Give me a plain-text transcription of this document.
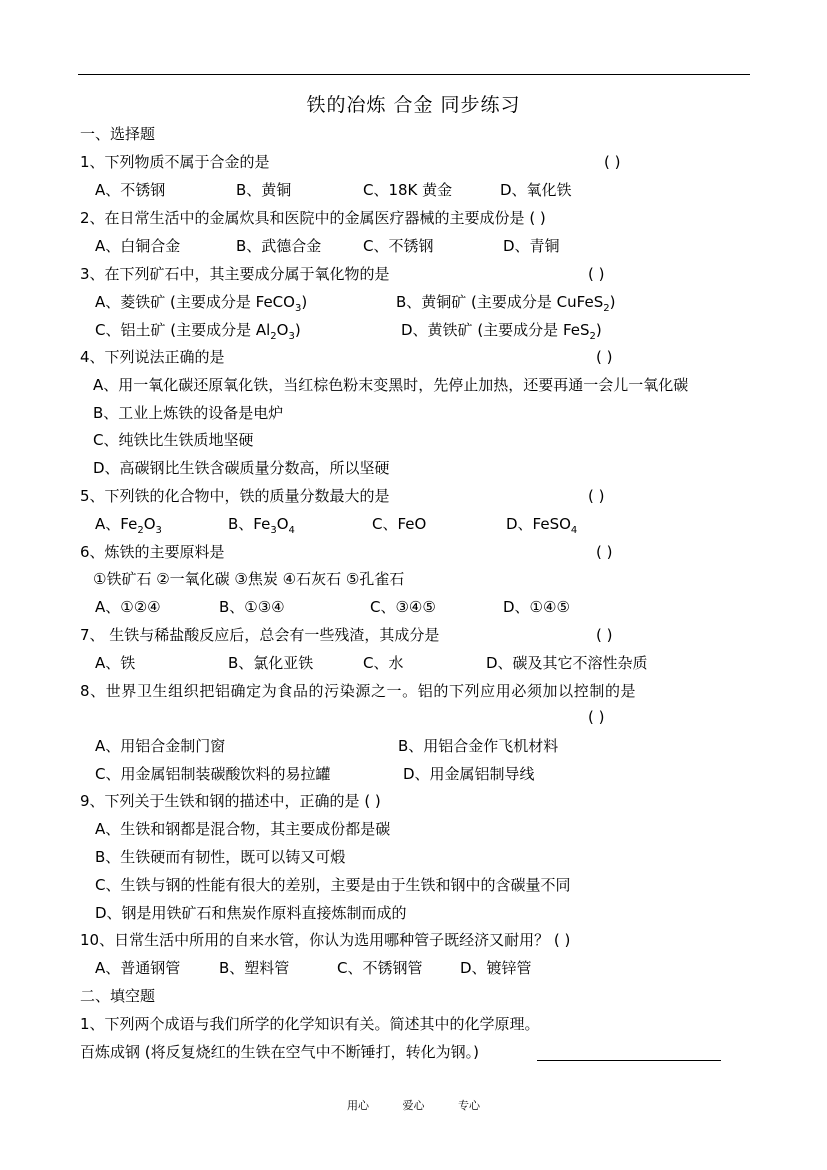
铁的冶炼 合金 同步练习
一、选择题
1、下列物质不属于合金的是	( )
A、不锈钢	B、黄铜	C、18K 黄金	D、氧化铁
2、在日常生活中的金属炊具和医院中的金属医疗器械的主要成份是 ( )
A、白铜合金	B、武德合金	C、不锈钢	D、青铜
3、在下列矿石中，其主要成分属于氧化物的是	( )
A、菱铁矿 (主要成分是 FeCO$_3$)	B、黄铜矿 (主要成分是 CuFeS$_2$)
C、铝土矿 (主要成分是 $Al_2O_3$)	D、黄铁矿 (主要成分是 FeS$_2$)
4、下列说法正确的是	( )
A、用一氧化碳还原氧化铁，当红棕色粉末变黑时，先停止加热，还要再通一会儿一氧化碳
B、工业上炼铁的设备是电炉
C、纯铁比生铁质地坚硬
D、高碳钢比生铁含碳质量分数高，所以坚硬
5、下列铁的化合物中，铁的质量分数最大的是	( )
A、$Fe_2O_3$	B、$Fe_3O_4$	C、FeO	D、FeSO$_4$
6、炼铁的主要原料是	( )
①铁矿石 ②一氧化碳 ③焦炭 ④石灰石 ⑤孔雀石
A、①②④	B、①③④	C、③④⑤	D、①④⑤
7、 生铁与稀盐酸反应后，总会有一些残渣，其成分是	( )
A、铁	B、氯化亚铁	C、水	D、碳及其它不溶性杂质
8、世界卫生组织把铝确定为食品的污染源之一。铝的下列应用必须加以控制的是
( )
A、用铝合金制门窗	B、用铝合金作飞机材料
C、用金属铝制装碳酸饮料的易拉罐	D、用金属铝制导线
9、下列关于生铁和钢的描述中，正确的是 ( )
A、生铁和钢都是混合物，其主要成份都是碳
B、生铁硬而有韧性，既可以铸又可煅
C、生铁与钢的性能有很大的差别，主要是由于生铁和钢中的含碳量不同
D、钢是用铁矿石和焦炭作原料直接炼制而成的
10、日常生活中所用的自来水管，你认为选用哪种管子既经济又耐用？ ( )
A、普通钢管	B、塑料管	C、不锈钢管	D、镀锌管
二、填空题
1、下列两个成语与我们所学的化学知识有关。简述其中的化学原理。
百炼成钢 (将反复烧红的生铁在空气中不断锤打，转化为钢。)
用心	爱心	专心
